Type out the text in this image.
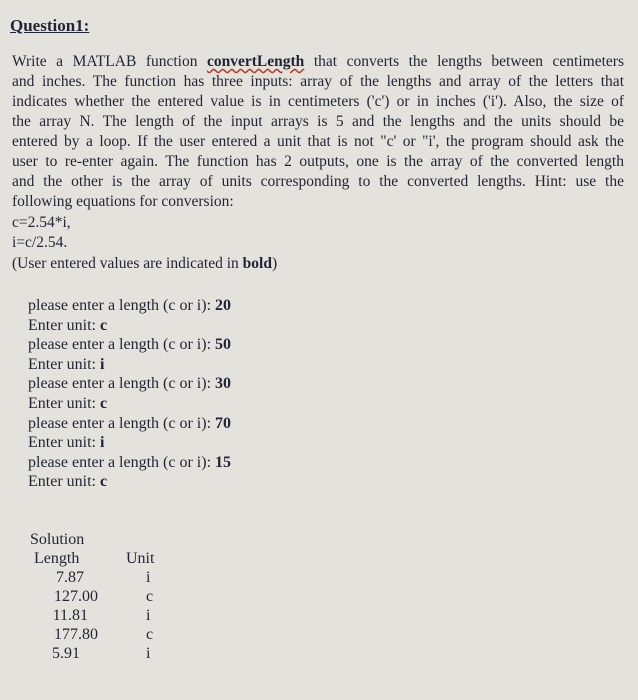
Question1:
Write a MATLAB function convertLength that converts the lengths between centimeters
and inches. The function has three inputs: array of the lengths and array of the letters that
indicates whether the entered value is in centimeters ('c') or in inches ('i'). Also, the size of
the array N. The length of the input arrays is 5 and the lengths and the units should be
entered by a loop. If the user entered a unit that is not "c' or "i', the program should ask the
user to re-enter again. The function has 2 outputs, one is the array of the converted length
and the other is the array of units corresponding to the converted lengths. Hint: use the
following equations for conversion:
c=2.54*i,
i=c/2.54.
(User entered values are indicated in bold)
please enter a length (c or i): 20
Enter unit: c
please enter a length (c or i): 50
Enter unit: i
please enter a length (c or i): 30
Enter unit: c
please enter a length (c or i): 70
Enter unit: i
please enter a length (c or i): 15
Enter unit: c
Solution
Length	Unit
7.87	i
127.00	c
11.81	i
177.80	c
5.91	i
